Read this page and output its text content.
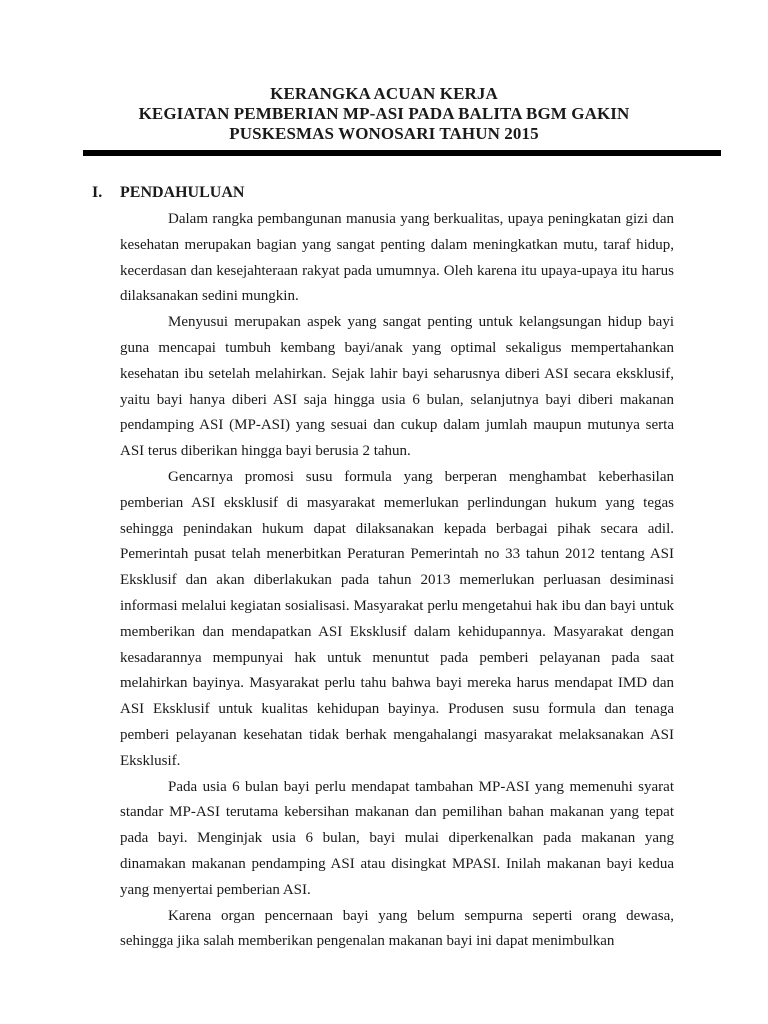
KERANGKA ACUAN KERJA
KEGIATAN PEMBERIAN MP-ASI PADA BALITA BGM GAKIN
PUSKESMAS WONOSARI TAHUN 2015
I. PENDAHULUAN

Dalam rangka pembangunan manusia yang berkualitas, upaya peningkatan gizi dan kesehatan merupakan bagian yang sangat penting dalam meningkatkan mutu, taraf hidup, kecerdasan dan kesejahteraan rakyat pada umumnya. Oleh karena itu upaya-upaya itu harus dilaksanakan sedini mungkin.

Menyusui merupakan aspek yang sangat penting untuk kelangsungan hidup bayi guna mencapai tumbuh kembang bayi/anak yang optimal sekaligus mempertahankan kesehatan ibu setelah melahirkan. Sejak lahir bayi seharusnya diberi ASI secara eksklusif, yaitu bayi hanya diberi ASI saja hingga usia 6 bulan, selanjutnya bayi diberi makanan pendamping ASI (MP-ASI) yang sesuai dan cukup dalam jumlah maupun mutunya serta ASI terus diberikan hingga bayi berusia 2 tahun.

Gencarnya promosi susu formula yang berperan menghambat keberhasilan pemberian ASI eksklusif di masyarakat memerlukan perlindungan hukum yang tegas sehingga penindakan hukum dapat dilaksanakan kepada berbagai pihak secara adil. Pemerintah pusat telah menerbitkan Peraturan Pemerintah no 33 tahun 2012 tentang ASI Eksklusif dan akan diberlakukan pada tahun 2013 memerlukan perluasan desiminasi informasi melalui kegiatan sosialisasi. Masyarakat perlu mengetahui hak ibu dan bayi untuk memberikan dan mendapatkan ASI Eksklusif dalam kehidupannya. Masyarakat dengan kesadarannya mempunyai hak untuk menuntut pada pemberi pelayanan pada saat melahirkan bayinya. Masyarakat perlu tahu bahwa bayi mereka harus mendapat IMD dan ASI Eksklusif untuk kualitas kehidupan bayinya. Produsen susu formula dan tenaga pemberi pelayanan kesehatan tidak berhak mengahalangi masyarakat melaksanakan ASI Eksklusif.

Pada usia 6 bulan bayi perlu mendapat tambahan MP-ASI yang memenuhi syarat standar MP-ASI terutama kebersihan makanan dan pemilihan bahan makanan yang tepat pada bayi. Menginjak usia 6 bulan, bayi mulai diperkenalkan pada makanan yang dinamakan makanan pendamping ASI atau disingkat MPASI. Inilah makanan bayi kedua yang menyertai pemberian ASI.

Karena organ pencernaan bayi yang belum sempurna seperti orang dewasa, sehingga jika salah memberikan pengenalan makanan bayi ini dapat menimbulkan
